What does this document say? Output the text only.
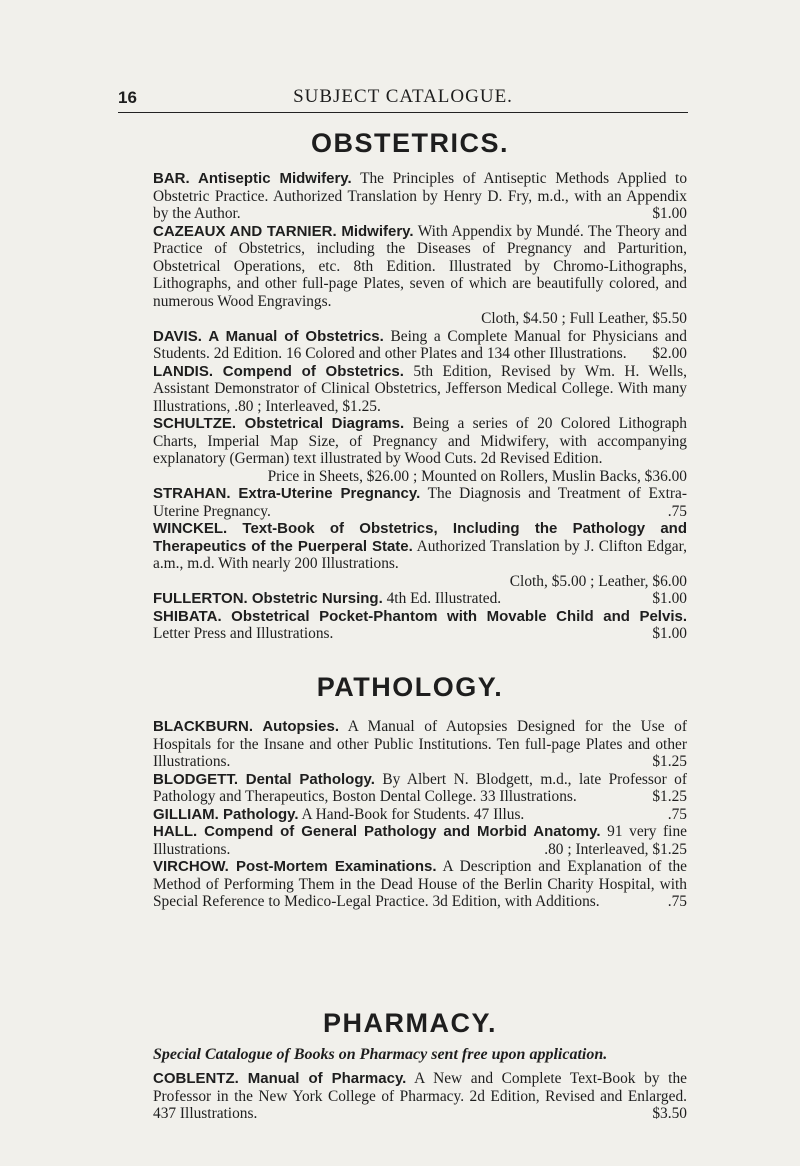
16	SUBJECT CATALOGUE.
OBSTETRICS.
BAR. Antiseptic Midwifery. The Principles of Antiseptic Methods Applied to Obstetric Practice. Authorized Translation by Henry D. Fry, m.d., with an Appendix by the Author.	$1.00
CAZEAUX AND TARNIER. Midwifery. With Appendix by Mundé. The Theory and Practice of Obstetrics, including the Diseases of Pregnancy and Parturition, Obstetrical Operations, etc. 8th Edition. Illustrated by Chromo-Lithographs, Lithographs, and other full-page Plates, seven of which are beautifully colored, and numerous Wood Engravings.
Cloth, $4.50 ; Full Leather, $5.50
DAVIS. A Manual of Obstetrics. Being a Complete Manual for Physicians and Students. 2d Edition. 16 Colored and other Plates and 134 other Illustrations. $2.00
LANDIS. Compend of Obstetrics. 5th Edition, Revised by Wm. H. Wells, Assistant Demonstrator of Clinical Obstetrics, Jefferson Medical College. With many Illustrations, .80 ; Interleaved, $1.25.
SCHULTZE. Obstetrical Diagrams. Being a series of 20 Colored Lithograph Charts, Imperial Map Size, of Pregnancy and Midwifery, with accompanying explanatory (German) text illustrated by Wood Cuts. 2d Revised Edition.
Price in Sheets, $26.00 ; Mounted on Rollers, Muslin Backs, $36.00
STRAHAN. Extra-Uterine Pregnancy. The Diagnosis and Treatment of Extra-Uterine Pregnancy.	.75
WINCKEL. Text-Book of Obstetrics, Including the Pathology and Therapeutics of the Puerperal State. Authorized Translation by J. Clifton Edgar, a.m., m.d. With nearly 200 Illustrations.
Cloth, $5.00 ; Leather, $6.00
FULLERTON. Obstetric Nursing. 4th Ed. Illustrated.	$1.00
SHIBATA. Obstetrical Pocket-Phantom with Movable Child and Pelvis. Letter Press and Illustrations.	$1.00
PATHOLOGY.
BLACKBURN. Autopsies. A Manual of Autopsies Designed for the Use of Hospitals for the Insane and other Public Institutions. Ten full-page Plates and other Illustrations.	$1.25
BLODGETT. Dental Pathology. By Albert N. Blodgett, m.d., late Professor of Pathology and Therapeutics, Boston Dental College. 33 Illustrations.	$1.25
GILLIAM. Pathology. A Hand-Book for Students. 47 Illus.	.75
HALL. Compend of General Pathology and Morbid Anatomy. 91 very fine Illustrations.	.80 ; Interleaved, $1.25
VIRCHOW. Post-Mortem Examinations. A Description and Explanation of the Method of Performing Them in the Dead House of the Berlin Charity Hospital, with Special Reference to Medico-Legal Practice. 3d Edition, with Additions.	.75
PHARMACY.
Special Catalogue of Books on Pharmacy sent free upon application.
COBLENTZ. Manual of Pharmacy. A New and Complete Text-Book by the Professor in the New York College of Pharmacy. 2d Edition, Revised and Enlarged. 437 Illustrations.	$3.50
